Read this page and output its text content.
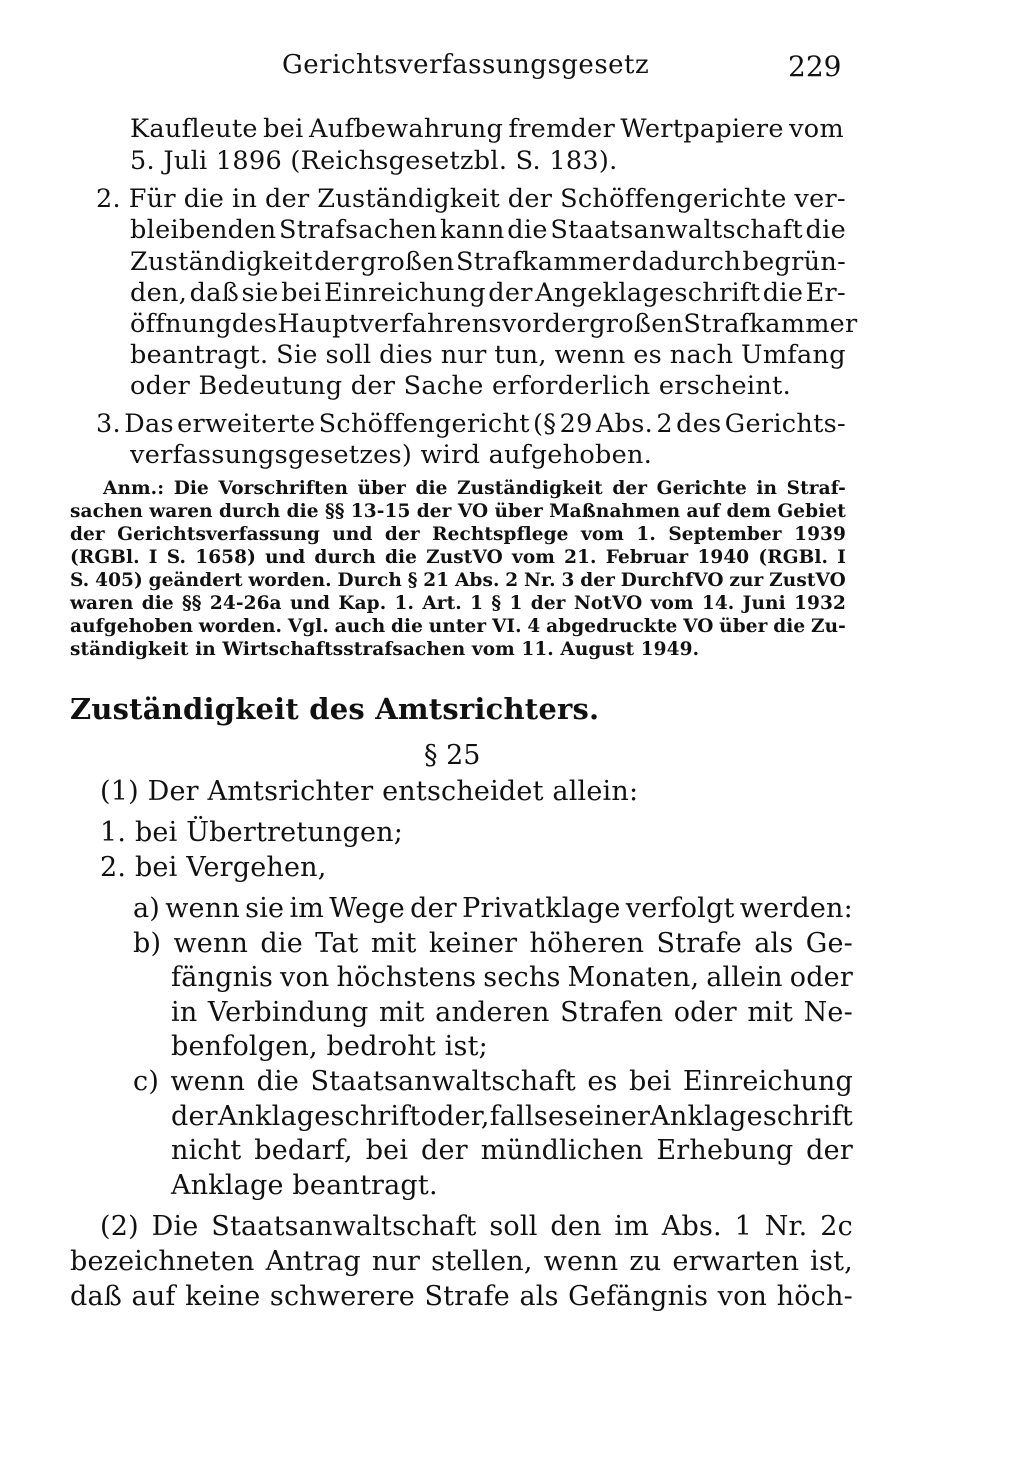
Gerichtsverfassungsgesetz	229
Kaufleute bei Aufbewahrung fremder Wertpapiere vom
5. Juli 1896 (Reichsgesetzbl. S. 183).
2. Für die in der Zuständigkeit der Schöffengerichte ver-
bleibenden Strafsachen kann die Staatsanwaltschaft die
Zuständigkeit der großen Strafkammer dadurch begrün-
den, daß sie bei Einreichung der Angeklageschrift die Er-
öffnung des Hauptverfahrens vor der großen Strafkammer
beantragt. Sie soll dies nur tun, wenn es nach Umfang
oder Bedeutung der Sache erforderlich erscheint.
3. Das erweiterte Schöffengericht (§ 29 Abs. 2 des Gerichts-
verfassungsgesetzes) wird aufgehoben.
Anm.: Die Vorschriften über die Zuständigkeit der Gerichte in Straf-
sachen waren durch die §§ 13-15 der VO über Maßnahmen auf dem Gebiet
der Gerichtsverfassung und der Rechtspflege vom 1. September 1939
(RGBl. I S. 1658) und durch die ZustVO vom 21. Februar 1940 (RGBl. I
S. 405) geändert worden. Durch § 21 Abs. 2 Nr. 3 der DurchfVO zur ZustVO
waren die §§ 24-26a und Kap. 1. Art. 1 § 1 der NotVO vom 14. Juni 1932
aufgehoben worden. Vgl. auch die unter VI. 4 abgedruckte VO über die Zu-
ständigkeit in Wirtschaftsstrafsachen vom 11. August 1949.
Zuständigkeit des Amtsrichters.
§ 25
(1) Der Amtsrichter entscheidet allein:
1. bei Übertretungen;
2. bei Vergehen,
a) wenn sie im Wege der Privatklage verfolgt werden:
b) wenn die Tat mit keiner höheren Strafe als Ge-
fängnis von höchstens sechs Monaten, allein oder
in Verbindung mit anderen Strafen oder mit Ne-
benfolgen, bedroht ist;
c) wenn die Staatsanwaltschaft es bei Einreichung
der Anklageschrift oder, falls es einer Anklageschrift
nicht bedarf, bei der mündlichen Erhebung der
Anklage beantragt.
(2) Die Staatsanwaltschaft soll den im Abs. 1 Nr. 2c
bezeichneten Antrag nur stellen, wenn zu erwarten ist,
daß auf keine schwerere Strafe als Gefängnis von höch-
